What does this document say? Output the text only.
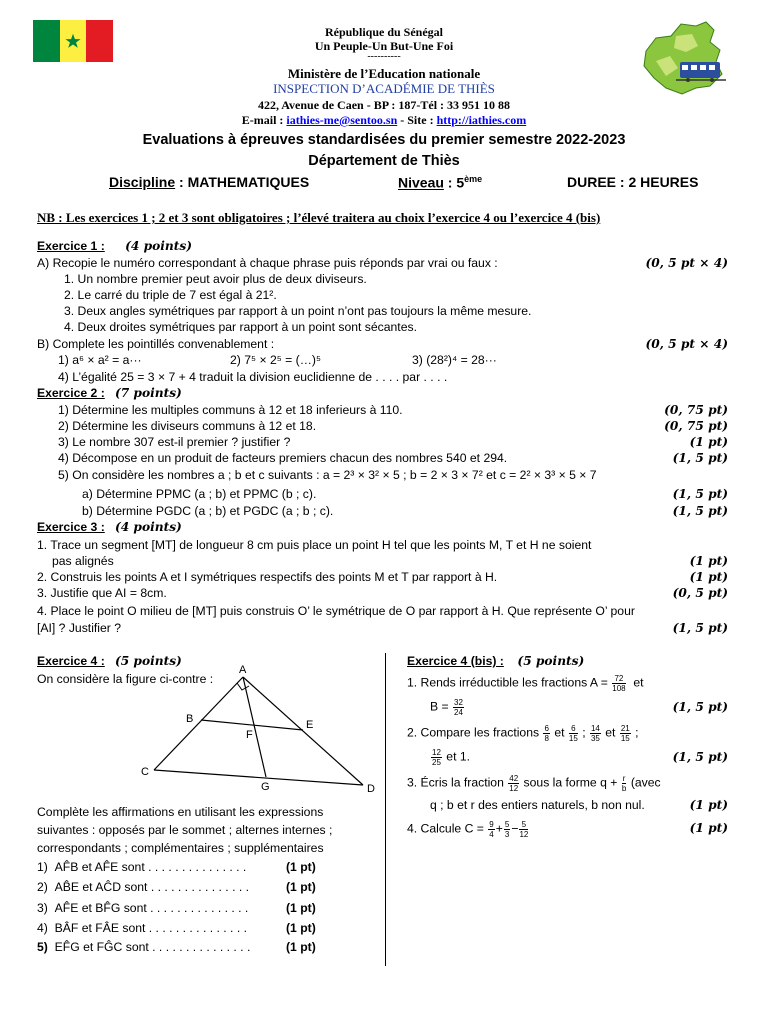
République du Sénégal
Un Peuple-Un But-Une Foi
----------
Ministère de l’Education nationale
INSPECTION D’ACADÉMIE DE THIÈS
422, Avenue de Caen - BP : 187-Tél : 33 951 10 88
E-mail : iathies-me@sentoo.sn - Site : http://iathies.com
Evaluations à épreuves standardisées du premier semestre 2022-2023
Département de Thiès
Discipline : MATHEMATIQUES	Niveau : 5ème	DUREE : 2 HEURES
NB : Les exercices 1 ; 2 et 3 sont obligatoires ; l’élevé traitera au choix l’exercice 4 ou l’exercice 4 (bis)
Exercice 1 : (4 points)
A) Recopie le numéro correspondant à chaque phrase puis réponds par vrai ou faux :	(0, 5 pt × 4)
1. Un nombre premier peut avoir plus de deux diviseurs.
2. Le carré du triple de 7 est égal à 21².
3. Deux angles symétriques par rapport à un point n’ont pas toujours la même mesure.
4. Deux droites symétriques par rapport à un point sont sécantes.
B) Complete les pointillés convenablement :	(0, 5 pt × 4)
1) a⁶ × a² = a···	2) 7⁵ × 2⁵ = (…)⁵	3) (28²)⁴ = 28···
4) L’égalité 25 = 3 × 7 + 4 traduit la division euclidienne de . . . . par . . . .
Exercice 2 : (7 points)
1) Détermine les multiples communs à 12 et 18 inferieurs à 110.	(0, 75 pt)
2) Détermine les diviseurs communs à 12 et 18.	(0, 75 pt)
3) Le nombre 307 est-il premier ? justifier ?	(1 pt)
4) Décompose en un produit de facteurs premiers chacun des nombres 540 et 294.	(1, 5 pt)
5) On considère les nombres a ; b et c suivants : a = 2³ × 3² × 5 ; b = 2 × 3 × 7² et c = 2² × 3³ × 5 × 7
a) Détermine PPMC (a ; b) et PPMC (b ; c).	(1, 5 pt)
b) Détermine PGDC (a ; b) et PGDC (a ; b ; c).	(1, 5 pt)
Exercice 3 : (4 points)
1. Trace un segment [MT] de longueur 8 cm puis place un point H tel que les points M, T et H ne soient
pas alignés	(1 pt)
2. Construis les points A et I symétriques respectifs des points M et T par rapport à H.	(1 pt)
3. Justifie que AI = 8cm.	(0, 5 pt)
4. Place le point O milieu de [MT] puis construis O’ le symétrique de O par rapport à H. Que représente O’ pour
[AI] ? Justifier ?	(1, 5 pt)
Exercice 4 : (5 points)
On considère la figure ci-contre :
A
B
C
D
E
F
G
Complète les affirmations en utilisant les expressions
suivantes : opposés par le sommet ; alternes internes ;
correspondants ; complémentaires ; supplémentaires
1) AF̂B et AF̂E sont . . . . . . . . . . . . . . .	(1 pt)
2) AB̂E et AĈD sont . . . . . . . . . . . . . . .	(1 pt)
3) AF̂E et BF̂G sont . . . . . . . . . . . . . . .	(1 pt)
4) BÂF et FÂE sont . . . . . . . . . . . . . . .	(1 pt)
5) EF̂G et FĜC sont . . . . . . . . . . . . . . .	(1 pt)
Exercice 4 (bis) : (5 points)
1. Rends irréductible les fractions $A = \frac{72}{108}$ et
$B = \frac{32}{24}$	(1, 5 pt)
2. Compare les fractions $\frac{6}{8}$ et $\frac{6}{15}$ ; $\frac{14}{35}$ et $\frac{21}{15}$ ;
$\frac{12}{25}$ et 1.	(1, 5 pt)
3. Écris la fraction $\frac{42}{12}$ sous la forme $q + \frac{r}{b}$ (avec
q ; b et r des entiers naturels, b non nul.	(1 pt)
4. Calcule $C = \frac{9}{4} + \frac{5}{3} - \frac{5}{12}$	(1 pt)
